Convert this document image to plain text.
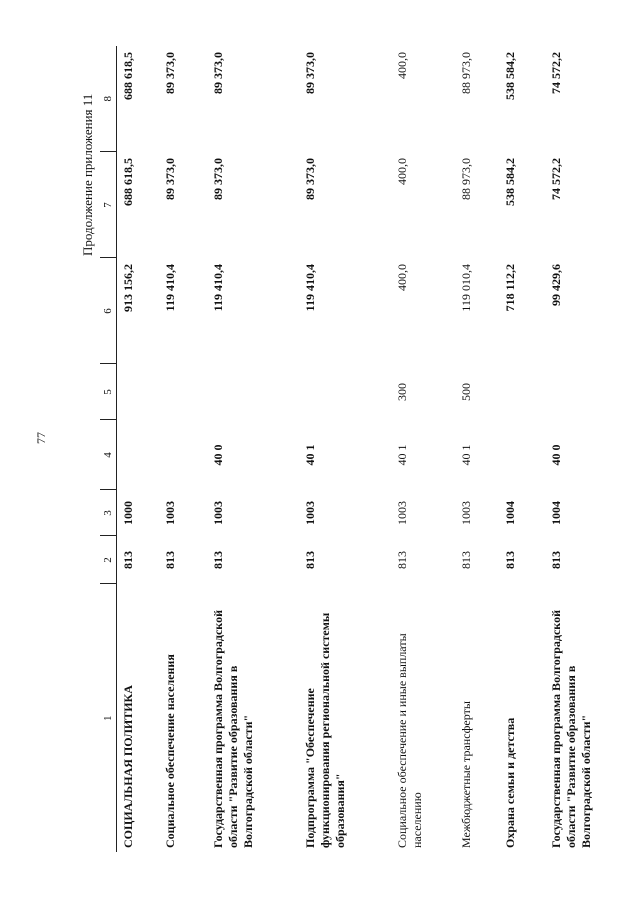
77
Продолжение приложения 11
1	2	3	4	5	6	7	8
СОЦИАЛЬНАЯ ПОЛИТИКА	813	1000			913 156,2	688 618,5	688 618,5
Социальное обеспечение населения	813	1003			119 410,4	89 373,0	89 373,0
Государственная программа Волгоградской области "Развитие образования в Волгоградской области"	813	1003	40 0		119 410,4	89 373,0	89 373,0
Подпрограмма "Обеспечение функционирования региональной системы образования"	813	1003	40 1		119 410,4	89 373,0	89 373,0
Социальное обеспечение и иные выплаты населению	813	1003	40 1	300	400,0	400,0	400,0
Межбюджетные трансферты	813	1003	40 1	500	119 010,4	88 973,0	88 973,0
Охрана семьи и детства	813	1004			718 112,2	538 584,2	538 584,2
Государственная программа Волгоградской области "Развитие образования в Волгоградской области"	813	1004	40 0		99 429,6	74 572,2	74 572,2
